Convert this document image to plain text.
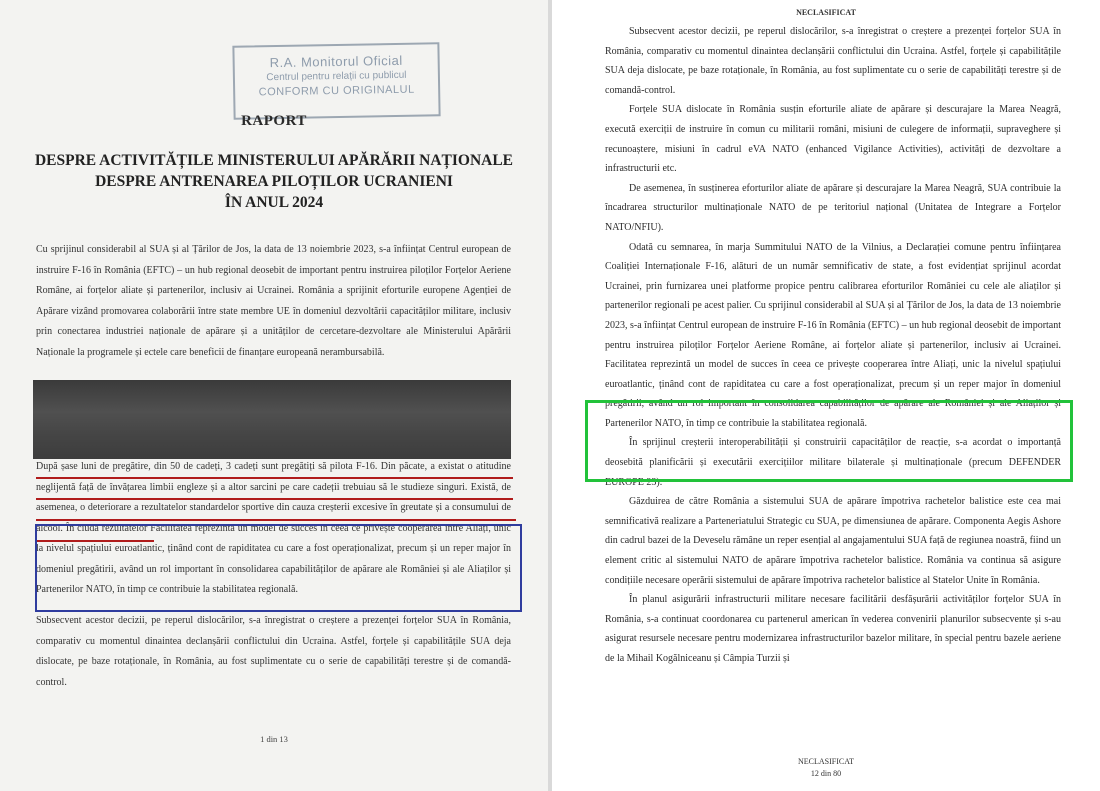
R.A. Monitorul Oficial
Centrul pentru relații cu publicul
CONFORM CU ORIGINALUL
RAPORT
DESPRE ACTIVITĂȚILE MINISTERULUI APĂRĂRII NAȚIONALE
DESPRE ANTRENAREA PILOȚILOR UCRANIENI
ÎN ANUL 2024

Cu sprijinul considerabil al SUA și al Țărilor de Jos, la data de 13 noiembrie 2023, s-a înființat Centrul european de instruire F-16 în România (EFTC) – un hub regional deosebit de important pentru instruirea piloților Forțelor Aeriene Române, ai forțelor aliate și partenerilor, inclusiv ai Ucrainei. România a sprijinit eforturile europene Agenției de Apărare vizând promovarea colaborării între state membre UE în domeniul dezvoltării capacităților militare, inclusiv prin conectarea industriei naționale de apărare și a unităților de cercetare-dezvoltare ale Ministerului Apărării Naționale la programele și ectele care beneficii de finanțare europeană nerambursabilă.

După șase luni de pregătire, din 50 de cadeți, 3 cadeți sunt pregătiți să pilota F-16. Din păcate, a existat o atitudine neglijentă față de învățarea limbii engleze și a altor sarcini pe care cadeții trebuiau să le studieze singuri. Există, de asemenea, o deteriorare a rezultatelor standardelor sportive din cauza creșterii excesive în greutate și a consumului de alcool. În ciuda rezultatelor Facilitatea reprezintă un model de succes în ceea ce privește cooperarea între Aliați, unic la nivelul spațiului euroatlantic, ținând cont de rapiditatea cu care a fost operaționalizat, precum și un reper major în domeniul pregătirii, având un rol important în consolidarea capabilităților de apărare ale României și ale Aliaților și Partenerilor NATO, în timp ce contribuie la stabilitatea regională.

Subsecvent acestor decizii, pe reperul dislocărilor, s-a înregistrat o creștere a prezenței forțelor SUA în România, comparativ cu momentul dinaintea declanșării conflictului din Ucraina. Astfel, forțele și capabilitățile SUA deja dislocate, pe baze rotaționale, în România, au fost suplimentate cu o serie de capabilități terestre și de comandă-control.

1 din 13
NECLASIFICAT

Subsecvent acestor decizii, pe reperul dislocărilor, s-a înregistrat o creștere a prezenței forțelor SUA în România, comparativ cu momentul dinaintea declanșării conflictului din Ucraina. Astfel, forțele și capabilitățile SUA deja dislocate, pe baze rotaționale, în România, au fost suplimentate cu o serie de capabilități terestre și de comandă-control.

Forțele SUA dislocate în România susțin eforturile aliate de apărare și descurajare la Marea Neagră, execută exerciții de instruire în comun cu militarii români, misiuni de culegere de informații, supraveghere și recunoaștere, misiuni în cadrul eVA NATO (enhanced Vigilance Activities), activități de dezvoltare a infrastructurii etc.

De asemenea, în susținerea eforturilor aliate de apărare și descurajare la Marea Neagră, SUA contribuie la încadrarea structurilor multinaționale NATO de pe teritoriul național (Unitatea de Integrare a Forțelor NATO/NFIU).

Odată cu semnarea, în marja Summitului NATO de la Vilnius, a Declarației comune pentru înființarea Coaliției Internaționale F-16, alături de un număr semnificativ de state, a fost evidențiat sprijinul acordat Ucrainei, prin furnizarea unei platforme propice pentru calibrarea eforturilor României cu cele ale aliaților și partenerilor regionali pe acest palier. Cu sprijinul considerabil al SUA și al Țărilor de Jos, la data de 13 noiembrie 2023, s-a înființat Centrul european de instruire F-16 în România (EFTC) – un hub regional deosebit de important pentru instruirea piloților Forțelor Aeriene Române, ai forțelor aliate și partenerilor, inclusiv ai Ucrainei. Facilitatea reprezintă un model de succes în ceea ce privește cooperarea între Aliați, unic la nivelul spațiului euroatlantic, ținând cont de rapiditatea cu care a fost operaționalizat, precum și un reper major în domeniul pregătirii, având un rol important în consolidarea capabilităților de apărare ale României și ale Aliaților și Partenerilor NATO, în timp ce contribuie la stabilitatea regională.

În sprijinul creșterii interoperabilității și construirii capacităților de reacție, s-a acordat o importanță deosebită planificării și executării exercițiilor militare bilaterale și multinaționale (precum DEFENDER EUROPE 23).

Găzduirea de către România a sistemului SUA de apărare împotriva rachetelor balistice este cea mai semnificativă realizare a Parteneriatului Strategic cu SUA, pe dimensiunea de apărare. Componenta Aegis Ashore din cadrul bazei de la Deveselu rămâne un reper esențial al angajamentului SUA față de regiunea noastră, fiind un element critic al sistemului NATO de apărare împotriva rachetelor balistice. România va continua să asigure condițiile necesare operării sistemului de apărare împotriva rachetelor balistice al Statelor Unite în România.

În planul asigurării infrastructurii militare necesare facilitării desfășurării activităților forțelor SUA în România, s-a continuat coordonarea cu partenerul american în vederea convenirii planurilor subsecvente și s-au asigurat resursele necesare pentru modernizarea infrastructurilor bazelor militare, în special pentru bazele aeriene de la Mihail Kogălniceanu și Câmpia Turzii și

NECLASIFICAT
12 din 80
